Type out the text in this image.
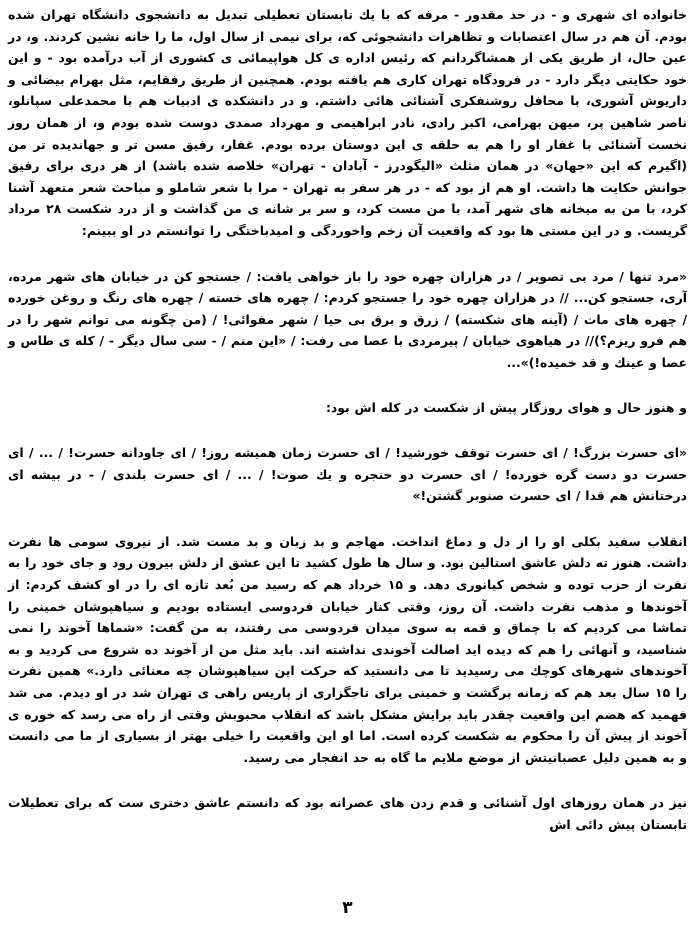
خانواده ای شهری و - در حد مقدور - مرفه که با یك تابستان تعطیلی تبدیل به دانشجوی دانشگاه تهران شده بودم. آن هم در سال اعتصابات و تظاهرات دانشجوئی که، برای نیمی از سال اول، ما را خانه نشین کردند. و، در عین حال، از طریق یکی از همشاگردانم که رئیس اداره ی کل هواپیمائی ی کشوری از آب درآمده بود - و این خود حکایتی دیگر دارد - در فرودگاه تهران کاری هم یافته بودم. همچنین از طریق رفقایم، مثل بهرام بیضائی و داریوش آشوری، با محافل روشنفکری آشنائی هائی داشتم. و در دانشکده ی ادبیات هم با محمدعلی سپانلو، ناصر شاهین پر، میهن بهرامی، اکبر رادی، نادر ابراهیمی و مهرداد صمدی دوست شده بودم و، از همان روز نخست آشنائی با غفار او را هم به حلقه ی این دوستان برده بودم. غفار، رفیق مسن تر و جهاندیده تر من (اگیرم که این «جهان» در همان مثلث «الیگودرز - آبادان - تهران» خلاصه شده باشد) از هر دری برای رفیق جوانش حکایت ها داشت. او هم از بود که - در هر سفر به تهران - مرا با شعر شاملو و مباحث شعر متعهد آشنا کرد، با من به میخانه های شهر آمد، با من مست کرد، و سر بر شانه ی من گذاشت و از درد شکست ۲۸ مرداد گریست. و در این مستی ها بود که واقعیت آن زخم واخوردگی و امیدباختگی را توانستم در او ببینم:

«مرد تنها / مرد بی تصویر / در هزاران چهره خود را باز خواهی یافت: / جستجو کن در خیابان های شهر مرده، آری، جستجو کن... // در هزاران چهره خود را جستجو کردم: / چهره های خسته / چهره های رنگ و روغن خورده / چهره های مات / (آینه های شکسته) / زرق و برق بی حیا / شهر مفوائی! / (من چگونه می توانم شهر را در هم فرو ریزم؟)// در هیاهوی خیابان / پیرمردی با عصا می رفت: / «این منم / - سی سال دیگر - / کله ی طاس و عصا و عینك و قد خمیده!)»...

و هنوز حال و هوای روزگار پیش از شکست در کله اش بود:

«ای حسرت بزرگ! / ای حسرت توقف خورشید! / ای حسرت زمان همیشه روز! / ای جاودانه حسرت! / ... / ای حسرت دو دست گره خورده! / ای حسرت دو حنجره و یك صوت! / ... / ای حسرت بلندی / - در بیشه ای درختانش هم قدا / ای حسرت صنوبر گشتن!»

انقلاب سفید بکلی او را از دل و دماغ انداخت. مهاجم و بد زبان و بد مست شد. از نیروی سومی ها نفرت داشت. هنوز ته دلش عاشق استالین بود. و سال ها طول کشید تا این عشق از دلش بیرون رود و جای خود را به نفرت از حزب توده و شخص کیانوری دهد. و ۱۵ خرداد هم که رسید من بُعد تازه ای را در او کشف کردم: از آخوندها و مذهب نفرت داشت. آن روز، وقتی کنار خیابان فردوسی ایستاده بودیم و سیاهپوشان خمینی را تماشا می کردیم که با چماق و قمه به سوی میدان فردوسی می رفتند، به من گفت: «شماها آخوند را نمی شناسید، و آنهائی را هم که دیده اید اصالت آخوندی نداشته اند. باید مثل من از آخوند ده شروع می کردید و به آخوندهای شهرهای کوچك می رسیدید تا می دانستید که حرکت این سیاهپوشان چه معنائی دارد.» همین نفرت را ۱۵ سال بعد هم که زمانه برگشت و خمینی برای تاجگزاری از پاریس راهی ی تهران شد در او دیدم. می شد فهمید که هضم این واقعیت چقدر باید برایش مشکل باشد که انقلاب محبوبش وقتی از راه می رسد که خوره ی آخوند از پیش آن را محکوم به شکست کرده است. اما او این واقعیت را خیلی بهتر از بسیاری از ما می دانست و به همین دلیل عصبانیتش از موضع ملایم ما گاه به حد انفجار می رسید.

نیز در همان روزهای اول آشنائی و قدم زدن های عصرانه بود که دانستم عاشق دختری ست که برای تعطیلات تابستان پیش دائی اش

۳
